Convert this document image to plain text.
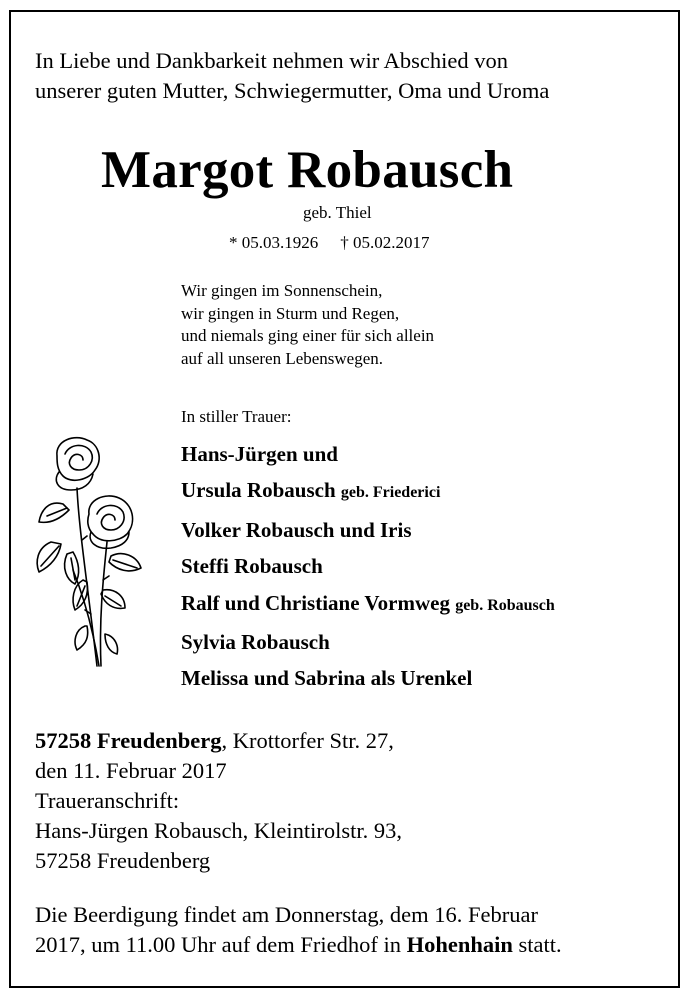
In Liebe und Dankbarkeit nehmen wir Abschied von
unserer guten Mutter, Schwiegermutter, Oma und Uroma
Margot Robausch
geb. Thiel
* 05.03.1926 † 05.02.2017
Wir gingen im Sonnenschein,
wir gingen in Sturm und Regen,
und niemals ging einer für sich allein
auf all unseren Lebenswegen.
In stiller Trauer:
Hans-Jürgen und
Ursula Robausch geb. Friederici
Volker Robausch und Iris
Steffi Robausch
Ralf und Christiane Vormweg geb. Robausch
Sylvia Robausch
Melissa und Sabrina als Urenkel
57258 Freudenberg, Krottorfer Str. 27,
den 11. Februar 2017
Traueranschrift:
Hans-Jürgen Robausch, Kleintirolstr. 93,
57258 Freudenberg
Die Beerdigung findet am Donnerstag, dem 16. Februar
2017, um 11.00 Uhr auf dem Friedhof in Hohenhain statt.
